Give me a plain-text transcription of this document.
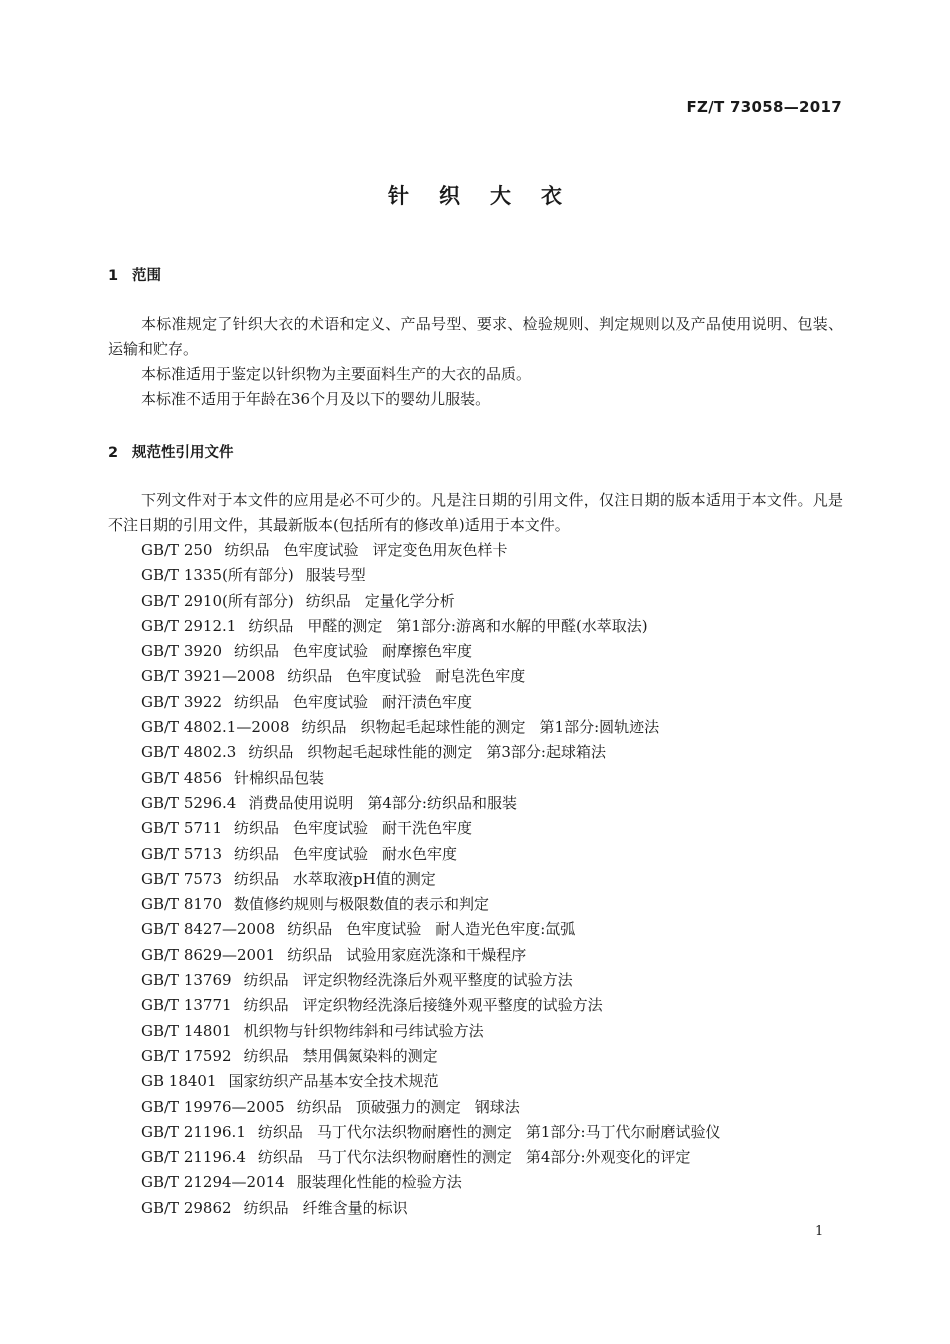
FZ/T 73058—2017
针织大衣
1 范围

本标准规定了针织大衣的术语和定义、产品号型、要求、检验规则、判定规则以及产品使用说明、包装、运输和贮存。

本标准适用于鉴定以针织物为主要面料生产的大衣的品质。

本标准不适用于年龄在36个月及以下的婴幼儿服装。

2 规范性引用文件

下列文件对于本文件的应用是必不可少的。凡是注日期的引用文件，仅注日期的版本适用于本文件。凡是不注日期的引用文件，其最新版本(包括所有的修改单)适用于本文件。

GB/T 250 纺织品 色牢度试验 评定变色用灰色样卡
GB/T 1335(所有部分) 服装号型
GB/T 2910(所有部分) 纺织品 定量化学分析
GB/T 2912.1 纺织品 甲醛的测定 第1部分:游离和水解的甲醛(水萃取法)
GB/T 3920 纺织品 色牢度试验 耐摩擦色牢度
GB/T 3921—2008 纺织品 色牢度试验 耐皂洗色牢度
GB/T 3922 纺织品 色牢度试验 耐汗渍色牢度
GB/T 4802.1—2008 纺织品 织物起毛起球性能的测定 第1部分:圆轨迹法
GB/T 4802.3 纺织品 织物起毛起球性能的测定 第3部分:起球箱法
GB/T 4856 针棉织品包装
GB/T 5296.4 消费品使用说明 第4部分:纺织品和服装
GB/T 5711 纺织品 色牢度试验 耐干洗色牢度
GB/T 5713 纺织品 色牢度试验 耐水色牢度
GB/T 7573 纺织品 水萃取液pH值的测定
GB/T 8170 数值修约规则与极限数值的表示和判定
GB/T 8427—2008 纺织品 色牢度试验 耐人造光色牢度:氙弧
GB/T 8629—2001 纺织品 试验用家庭洗涤和干燥程序
GB/T 13769 纺织品 评定织物经洗涤后外观平整度的试验方法
GB/T 13771 纺织品 评定织物经洗涤后接缝外观平整度的试验方法
GB/T 14801 机织物与针织物纬斜和弓纬试验方法
GB/T 17592 纺织品 禁用偶氮染料的测定
GB 18401 国家纺织产品基本安全技术规范
GB/T 19976—2005 纺织品 顶破强力的测定 钢球法
GB/T 21196.1 纺织品 马丁代尔法织物耐磨性的测定 第1部分:马丁代尔耐磨试验仪
GB/T 21196.4 纺织品 马丁代尔法织物耐磨性的测定 第4部分:外观变化的评定
GB/T 21294—2014 服装理化性能的检验方法
GB/T 29862 纺织品 纤维含量的标识
1
